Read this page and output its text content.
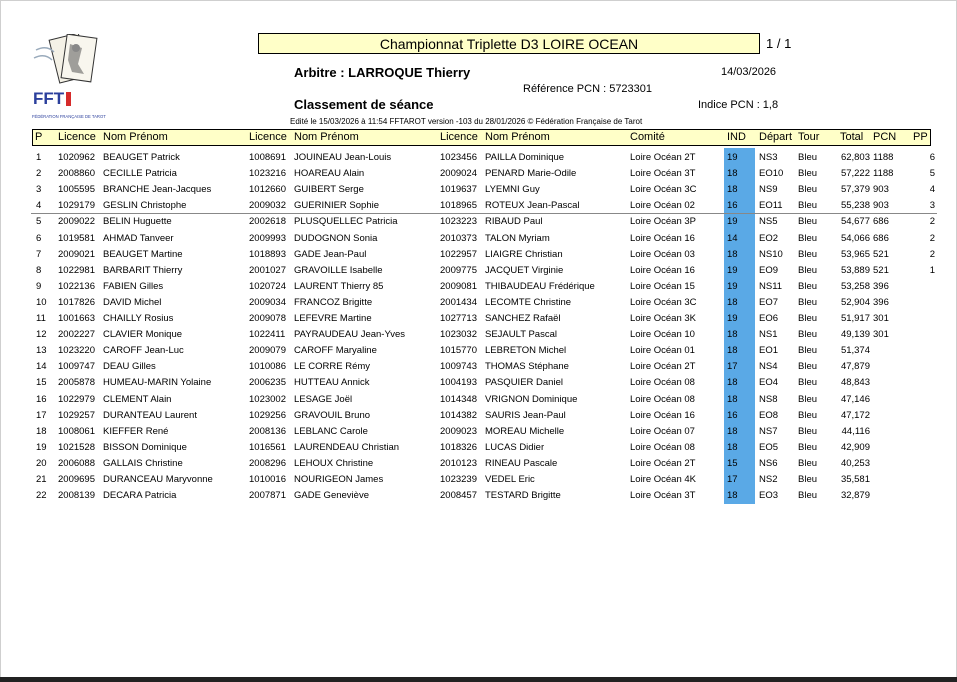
FFT
FÉDÉRATION FRANÇAISE DE TAROT
Championnat Triplette D3 LOIRE OCEAN	1 / 1
Arbitre : LARROQUE Thierry	14/03/2026
Référence PCN : 5723301
Classement de séance	Indice PCN : 1,8
Edité le 15/03/2026 à 11:54 FFTAROT version -103 du 28/01/2026 © Fédération Française de Tarot
P Licence Nom Prénom	Licence Nom Prénom	Licence Nom Prénom	Comité	IND Départ Tour Total PCN PP
1 1020962 BEAUGET Patrick	1008691 JOUINEAU Jean-Louis	1023456 PAILLA Dominique	Loire Océan 2T	19 NS3 Bleu	62,803 1188	6
2 2008860 CECILLE Patricia	1023216 HOAREAU Alain	2009024 PENARD Marie-Odile	Loire Océan 3T	18 EO10 Bleu	57,222 1188	5
3 1005595 BRANCHE Jean-Jacques	1012660 GUIBERT Serge	1019637 LYEMNI Guy	Loire Océan 3C	18 NS9 Bleu	57,379 903	4
4 1029179 GESLIN Christophe	2009032 GUERINIER Sophie	1018965 ROTEUX Jean-Pascal	Loire Océan 02	16 EO11 Bleu	55,238 903	3
5 2009022 BELIN Huguette	2002618 PLUSQUELLEC Patricia	1023223 RIBAUD Paul	Loire Océan 3P	19 NS5 Bleu	54,677 686	2
6 1019581 AHMAD Tanveer	2009993 DUDOGNON Sonia	2010373 TALON Myriam	Loire Océan 16	14 EO2 Bleu	54,066 686	2
7 2009021 BEAUGET Martine	1018893 GADE Jean-Paul	1022957 LIAIGRE Christian	Loire Océan 03	18 NS10 Bleu	53,965 521	2
8 1022981 BARBARIT Thierry	2001027 GRAVOILLE Isabelle	2009775 JACQUET Virginie	Loire Océan 16	19 EO9 Bleu	53,889 521	1
9 1022136 FABIEN Gilles	1020724 LAURENT Thierry 85	2009081 THIBAUDEAU Frédérique	Loire Océan 15	19 NS11 Bleu	53,258 396
10 1017826 DAVID Michel	2009034 FRANCOZ Brigitte	2001434 LECOMTE Christine	Loire Océan 3C	18 EO7 Bleu	52,904 396
11 1001663 CHAILLY Rosius	2009078 LEFEVRE Martine	1027713 SANCHEZ Rafaël	Loire Océan 3K	19 EO6 Bleu	51,917 301
12 2002227 CLAVIER Monique	1022411 PAYRAUDEAU Jean-Yves	1023032 SEJAULT Pascal	Loire Océan 10	18 NS1 Bleu	49,139 301
13 1023220 CAROFF Jean-Luc	2009079 CAROFF Maryaline	1015770 LEBRETON Michel	Loire Océan 01	18 EO1 Bleu	51,374
14 1009747 DEAU Gilles	1010086 LE CORRE Rémy	1009743 THOMAS Stéphane	Loire Océan 2T	17 NS4 Bleu	47,879
15 2005878 HUMEAU-MARIN Yolaine	2006235 HUTTEAU Annick	1004193 PASQUIER Daniel	Loire Océan 08	18 EO4 Bleu	48,843
16 1022979 CLEMENT Alain	1023002 LESAGE Joël	1014348 VRIGNON Dominique	Loire Océan 08	18 NS8 Bleu	47,146
17 1029257 DURANTEAU Laurent	1029256 GRAVOUIL Bruno	1014382 SAURIS Jean-Paul	Loire Océan 16	16 EO8 Bleu	47,172
18 1008061 KIEFFER René	2008136 LEBLANC Carole	2009023 MOREAU Michelle	Loire Océan 07	18 NS7 Bleu	44,116
19 1021528 BISSON Dominique	1016561 LAURENDEAU Christian	1018326 LUCAS Didier	Loire Océan 08	18 EO5 Bleu	42,909
20 2006088 GALLAIS Christine	2008296 LEHOUX Christine	2010123 RINEAU Pascale	Loire Océan 2T	15 NS6 Bleu	40,253
21 2009695 DURANCEAU Maryvonne	1010016 NOURIGEON James	1023239 VEDEL Eric	Loire Océan 4K	17 NS2 Bleu	35,581
22 2008139 DECARA Patricia	2007871 GADE Geneviève	2008457 TESTARD Brigitte	Loire Océan 3T	18 EO3 Bleu	32,879
